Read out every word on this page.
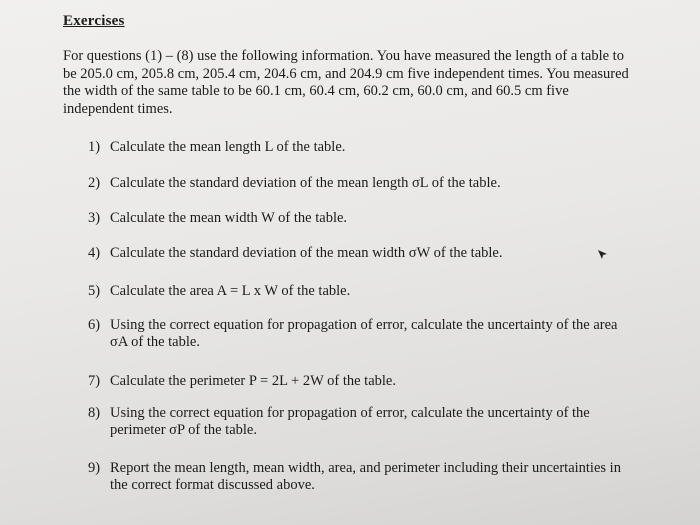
Exercises
For questions (1) – (8) use the following information. You have measured the length of a table to be 205.0 cm, 205.8 cm, 205.4 cm, 204.6 cm, and 204.9 cm five independent times. You measured the width of the same table to be 60.1 cm, 60.4 cm, 60.2 cm, 60.0 cm, and 60.5 cm five independent times.
1) Calculate the mean length L of the table.
2) Calculate the standard deviation of the mean length σL of the table.
3) Calculate the mean width W of the table.
4) Calculate the standard deviation of the mean width σW of the table.
5) Calculate the area A = L x W of the table.
6) Using the correct equation for propagation of error, calculate the uncertainty of the area σA of the table.
7) Calculate the perimeter P = 2L + 2W of the table.
8) Using the correct equation for propagation of error, calculate the uncertainty of the perimeter σP of the table.
9) Report the mean length, mean width, area, and perimeter including their uncertainties in the correct format discussed above.
